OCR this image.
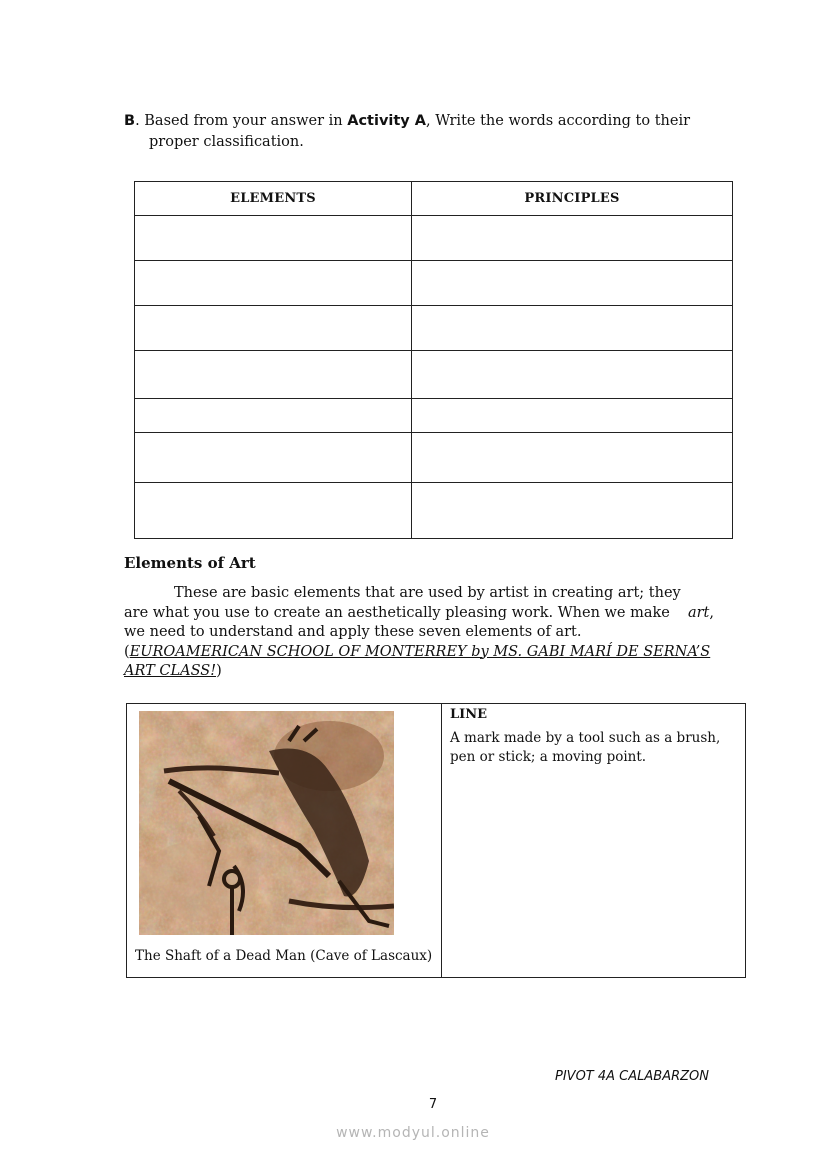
B. Based from your answer in Activity A, Write the words according to their
proper classification.
ELEMENTS	PRINCIPLES

Elements of Art
These are basic elements that are used by artist in creating art; they
are what you use to create an aesthetically pleasing work. When we make art,
we need to understand and apply these seven elements of art.
(EUROAMERICAN SCHOOL OF MONTERREY by MS. GABI MARÍ DE SERNA’S
ART CLASS! )
The Shaft of a Dead Man (Cave of Lascaux)
LINE
A mark made by a tool such as a brush, pen or stick; a moving point.
PIVOT 4A CALABARZON
7
www.modyul.online
